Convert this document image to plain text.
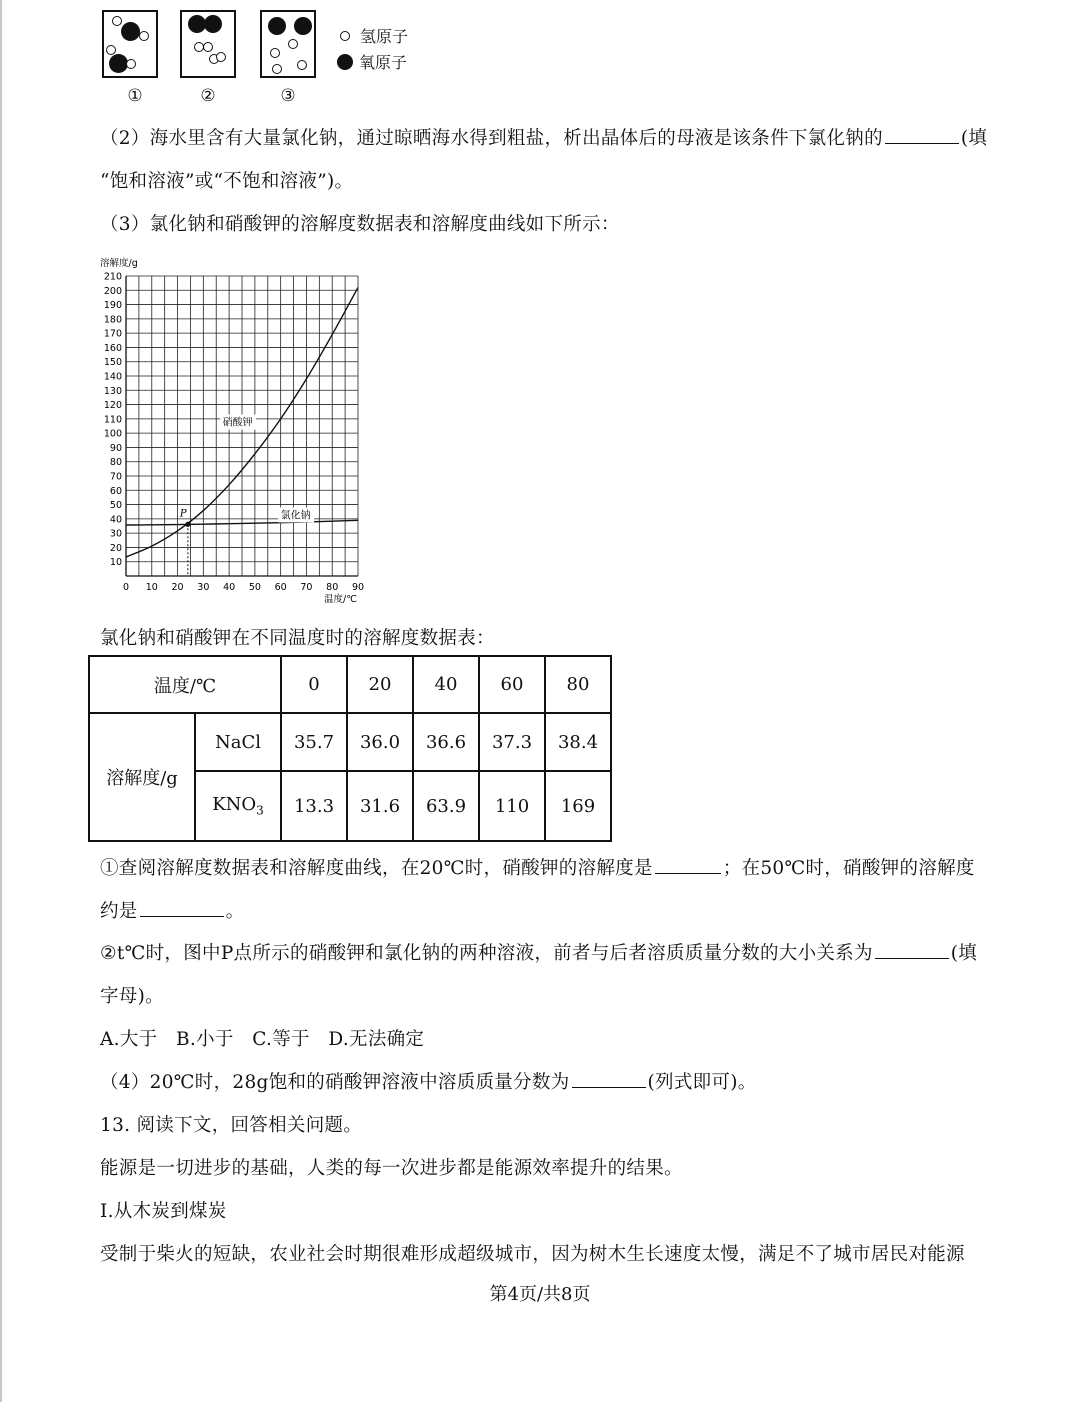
①	②	③
氢原子
氧原子
（2）海水里含有大量氯化钠，通过晾晒海水得到粗盐，析出晶体后的母液是该条件下氯化钠的	(填
“饱和溶液”或“不饱和溶液”)。
（3）氯化钠和硝酸钾的溶解度数据表和溶解度曲线如下所示：
10
20
30
40
50
60
70
80
90
100
110
120
130
140
150
160
170
180
190
200
210
0 10 20 30 40 50 60 70 80 90
溶解度/g
温度/℃
硝酸钾
氯化钠
P
氯化钠和硝酸钾在不同温度时的溶解度数据表：
温度/℃		0	20	40	60	80
溶解度/g	NaCl	35.7	36.0	36.6	37.3	38.4
	$KNO_3$	13.3	31.6	63.9	110	169
①查阅溶解度数据表和溶解度曲线，在20℃时，硝酸钾的溶解度是	；在50℃时，硝酸钾的溶解度
约是	。
②t℃时，图中P点所示的硝酸钾和氯化钠的两种溶液，前者与后者溶质质量分数的大小关系为	(填
字母)。
A.大于 B.小于 C.等于 D.无法确定
（4）20℃时，28g饱和的硝酸钾溶液中溶质质量分数为	(列式即可)。
13. 阅读下文，回答相关问题。
能源是一切进步的基础，人类的每一次进步都是能源效率提升的结果。
Ⅰ.从木炭到煤炭
受制于柴火的短缺，农业社会时期很难形成超级城市，因为树木生长速度太慢，满足不了城市居民对能源
第4页/共8页
